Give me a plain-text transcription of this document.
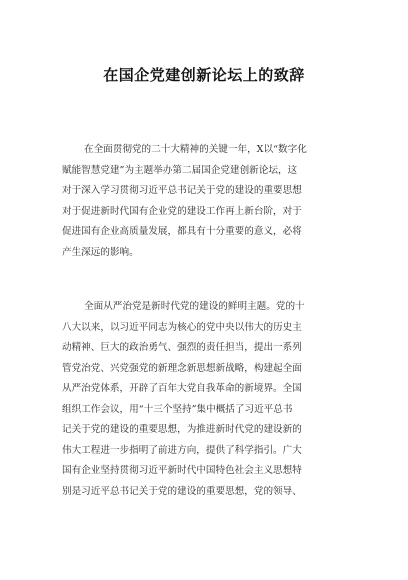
在国企党建创新论坛上的致辞
在全面贯彻党的二十大精神的关键一年，X以“数字化
赋能智慧党建”为主题举办第二届国企党建创新论坛，这
对于深入学习贯彻习近平总书记关于党的建设的重要思想
对于促进新时代国有企业党的建设工作再上新台阶，对于
促进国有企业高质量发展，都具有十分重要的意义，必将
产生深远的影响。
全面从严治党是新时代党的建设的鲜明主题。党的十
八大以来，以习近平同志为核心的党中央以伟大的历史主
动精神、巨大的政治勇气、强烈的责任担当，提出一系列
管党治党、兴党强党的新理念新思想新战略，构建起全面
从严治党体系，开辟了百年大党自我革命的新境界。全国
组织工作会议，用“十三个坚持”集中概括了习近平总书
记关于党的建设的重要思想，为推进新时代党的建设新的
伟大工程进一步指明了前进方向，提供了科学指引。广大
国有企业坚持贯彻习近平新时代中国特色社会主义思想特
别是习近平总书记关于党的建设的重要思想，党的领导、
